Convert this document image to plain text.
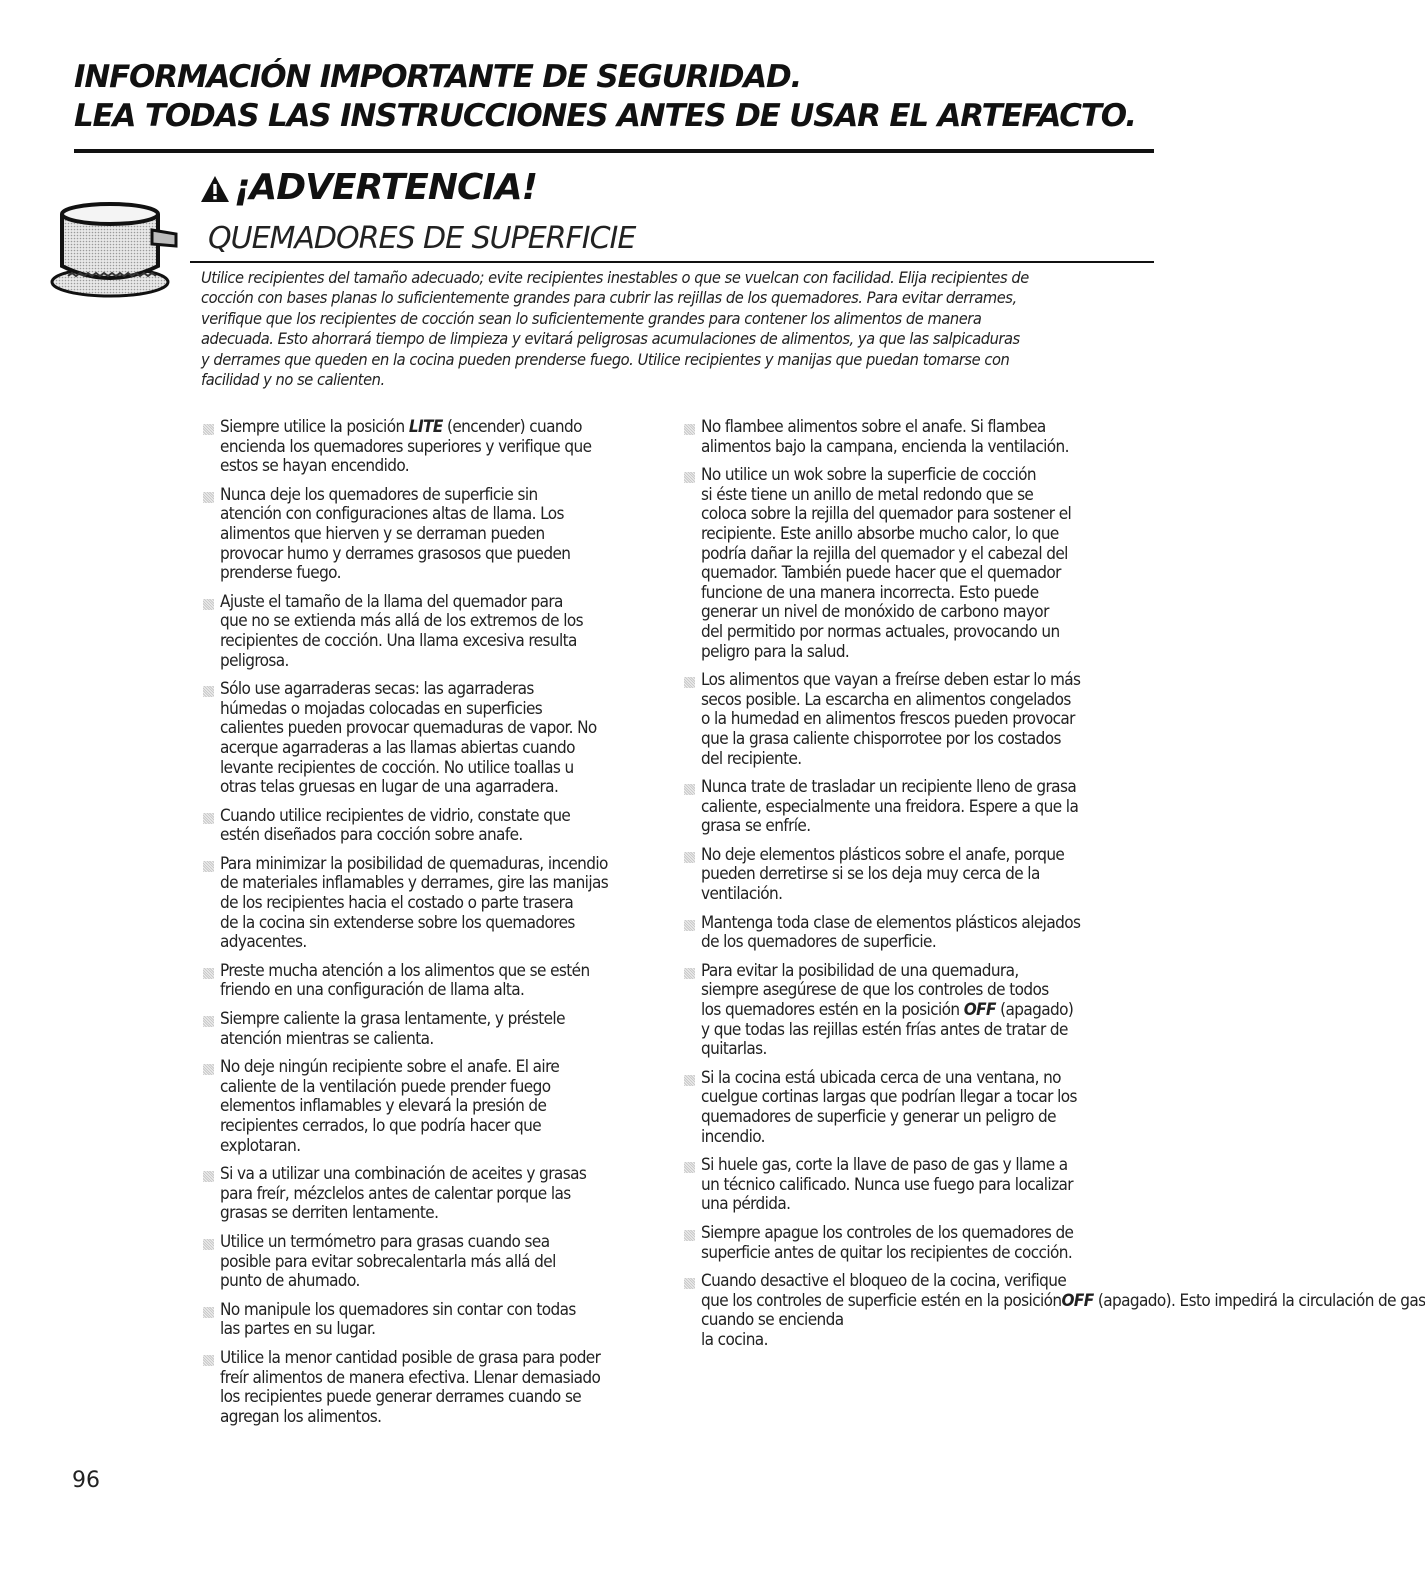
INFORMACIÓN IMPORTANTE DE SEGURIDAD.
LEA TODAS LAS INSTRUCCIONES ANTES DE USAR EL ARTEFACTO.
¡ADVERTENCIA!
QUEMADORES DE SUPERFICIE
Utilice recipientes del tamaño adecuado; evite recipientes inestables o que se vuelcan con facilidad. Elija recipientes de
cocción con bases planas lo suficientemente grandes para cubrir las rejillas de los quemadores. Para evitar derrames,
verifique que los recipientes de cocción sean lo suficientemente grandes para contener los alimentos de manera
adecuada. Esto ahorrará tiempo de limpieza y evitará peligrosas acumulaciones de alimentos, ya que las salpicaduras
y derrames que queden en la cocina pueden prenderse fuego. Utilice recipientes y manijas que puedan tomarse con
facilidad y no se calienten.
Siempre utilice la posición LITE (encender) cuando
encienda los quemadores superiores y verifique que
estos se hayan encendido.
Nunca deje los quemadores de superficie sin
atención con configuraciones altas de llama. Los
alimentos que hierven y se derraman pueden
provocar humo y derrames grasosos que pueden
prenderse fuego.
Ajuste el tamaño de la llama del quemador para
que no se extienda más allá de los extremos de los
recipientes de cocción. Una llama excesiva resulta
peligrosa.
Sólo use agarraderas secas: las agarraderas
húmedas o mojadas colocadas en superficies
calientes pueden provocar quemaduras de vapor. No
acerque agarraderas a las llamas abiertas cuando
levante recipientes de cocción. No utilice toallas u
otras telas gruesas en lugar de una agarradera.
Cuando utilice recipientes de vidrio, constate que
estén diseñados para cocción sobre anafe.
Para minimizar la posibilidad de quemaduras, incendio
de materiales inflamables y derrames, gire las manijas
de los recipientes hacia el costado o parte trasera
de la cocina sin extenderse sobre los quemadores
adyacentes.
Preste mucha atención a los alimentos que se estén
friendo en una configuración de llama alta.
Siempre caliente la grasa lentamente, y préstele
atención mientras se calienta.
No deje ningún recipiente sobre el anafe. El aire
caliente de la ventilación puede prender fuego
elementos inflamables y elevará la presión de
recipientes cerrados, lo que podría hacer que
explotaran.
Si va a utilizar una combinación de aceites y grasas
para freír, mézclelos antes de calentar porque las
grasas se derriten lentamente.
Utilice un termómetro para grasas cuando sea
posible para evitar sobrecalentarla más allá del
punto de ahumado.
No manipule los quemadores sin contar con todas
las partes en su lugar.
Utilice la menor cantidad posible de grasa para poder
freír alimentos de manera efectiva. Llenar demasiado
los recipientes puede generar derrames cuando se
agregan los alimentos.
No flambee alimentos sobre el anafe. Si flambea
alimentos bajo la campana, encienda la ventilación.
No utilice un wok sobre la superficie de cocción
si éste tiene un anillo de metal redondo que se
coloca sobre la rejilla del quemador para sostener el
recipiente. Este anillo absorbe mucho calor, lo que
podría dañar la rejilla del quemador y el cabezal del
quemador. También puede hacer que el quemador
funcione de una manera incorrecta. Esto puede
generar un nivel de monóxido de carbono mayor
del permitido por normas actuales, provocando un
peligro para la salud.
Los alimentos que vayan a freírse deben estar lo más
secos posible. La escarcha en alimentos congelados
o la humedad en alimentos frescos pueden provocar
que la grasa caliente chisporrotee por los costados
del recipiente.
Nunca trate de trasladar un recipiente lleno de grasa
caliente, especialmente una freidora. Espere a que la
grasa se enfríe.
No deje elementos plásticos sobre el anafe, porque
pueden derretirse si se los deja muy cerca de la
ventilación.
Mantenga toda clase de elementos plásticos alejados
de los quemadores de superficie.
Para evitar la posibilidad de una quemadura,
siempre asegúrese de que los controles de todos
los quemadores estén en la posición OFF (apagado)
y que todas las rejillas estén frías antes de tratar de
quitarlas.
Si la cocina está ubicada cerca de una ventana, no
cuelgue cortinas largas que podrían llegar a tocar los
quemadores de superficie y generar un peligro de
incendio.
Si huele gas, corte la llave de paso de gas y llame a
un técnico calificado. Nunca use fuego para localizar
una pérdida.
Siempre apague los controles de los quemadores de
superficie antes de quitar los recipientes de cocción.
Cuando desactive el bloqueo de la cocina, verifique
que los controles de superficie estén en la posiciónOFF (apagado). Esto impedirá la circulación de gas
cuando se encienda
la cocina.
96
